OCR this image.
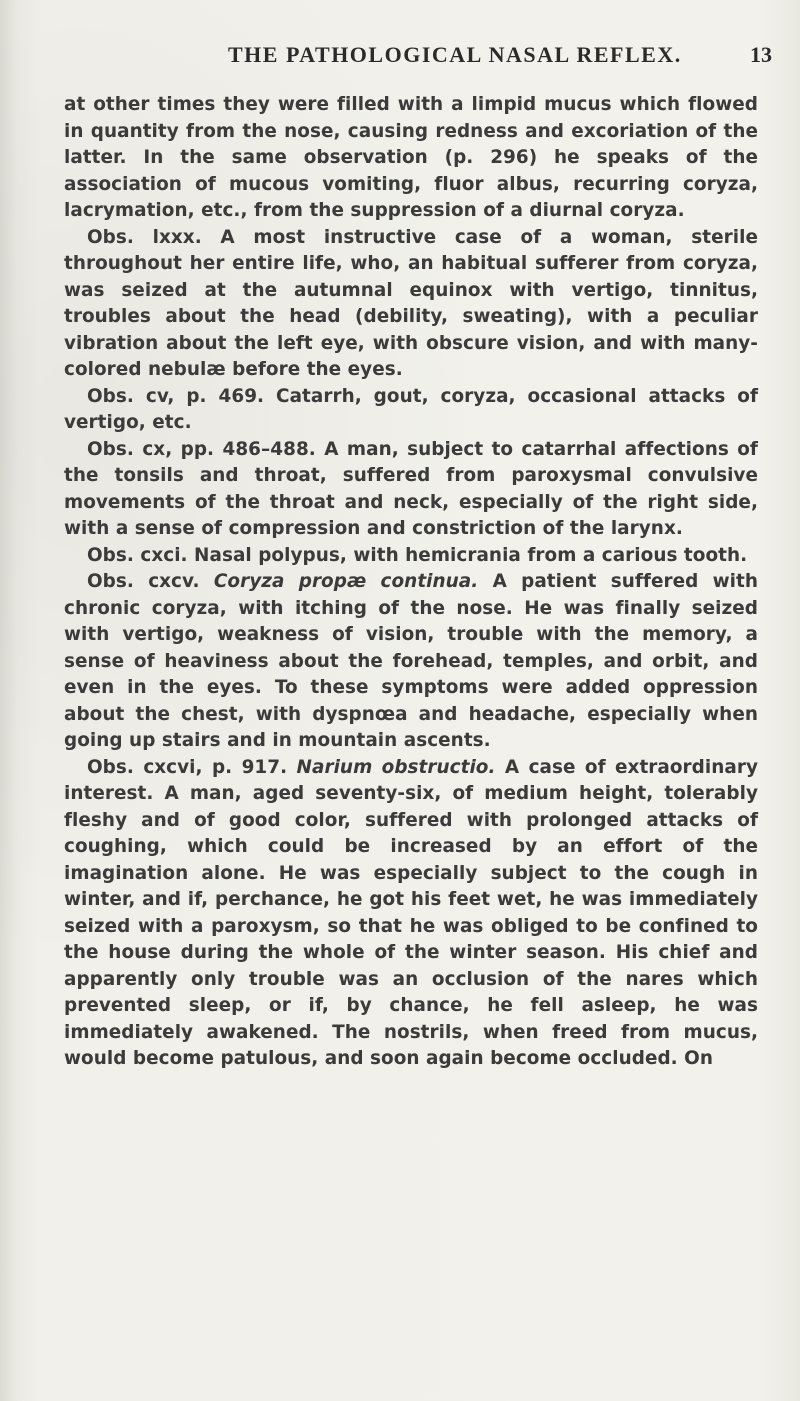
THE PATHOLOGICAL NASAL REFLEX.	13

at other times they were filled with a limpid mucus which flowed in quantity from the nose, causing redness and excoriation of the latter. In the same observation (p. 296) he speaks of the association of mucous vomiting, fluor albus, recurring coryza, lacrymation, etc., from the suppression of a diurnal coryza.

Obs. lxxx. A most instructive case of a woman, sterile throughout her entire life, who, an habitual sufferer from coryza, was seized at the autumnal equinox with vertigo, tinnitus, troubles about the head (debility, sweating), with a peculiar vibration about the left eye, with obscure vision, and with many-colored nebulæ before the eyes.

Obs. cv, p. 469. Catarrh, gout, coryza, occasional attacks of vertigo, etc.

Obs. cx, pp. 486–488. A man, subject to catarrhal affections of the tonsils and throat, suffered from paroxysmal convulsive movements of the throat and neck, especially of the right side, with a sense of compression and constriction of the larynx.

Obs. cxci. Nasal polypus, with hemicrania from a carious tooth.

Obs. cxcv. Coryza propæ continua. A patient suffered with chronic coryza, with itching of the nose. He was finally seized with vertigo, weakness of vision, trouble with the memory, a sense of heaviness about the forehead, temples, and orbit, and even in the eyes. To these symptoms were added oppression about the chest, with dyspnœa and headache, especially when going up stairs and in mountain ascents.

Obs. cxcvi, p. 917. Narium obstructio. A case of extraordinary interest. A man, aged seventy-six, of medium height, tolerably fleshy and of good color, suffered with prolonged attacks of coughing, which could be increased by an effort of the imagination alone. He was especially subject to the cough in winter, and if, perchance, he got his feet wet, he was immediately seized with a paroxysm, so that he was obliged to be confined to the house during the whole of the winter season. His chief and apparently only trouble was an occlusion of the nares which prevented sleep, or if, by chance, he fell asleep, he was immediately awakened. The nostrils, when freed from mucus, would become patulous, and soon again become occluded. On
